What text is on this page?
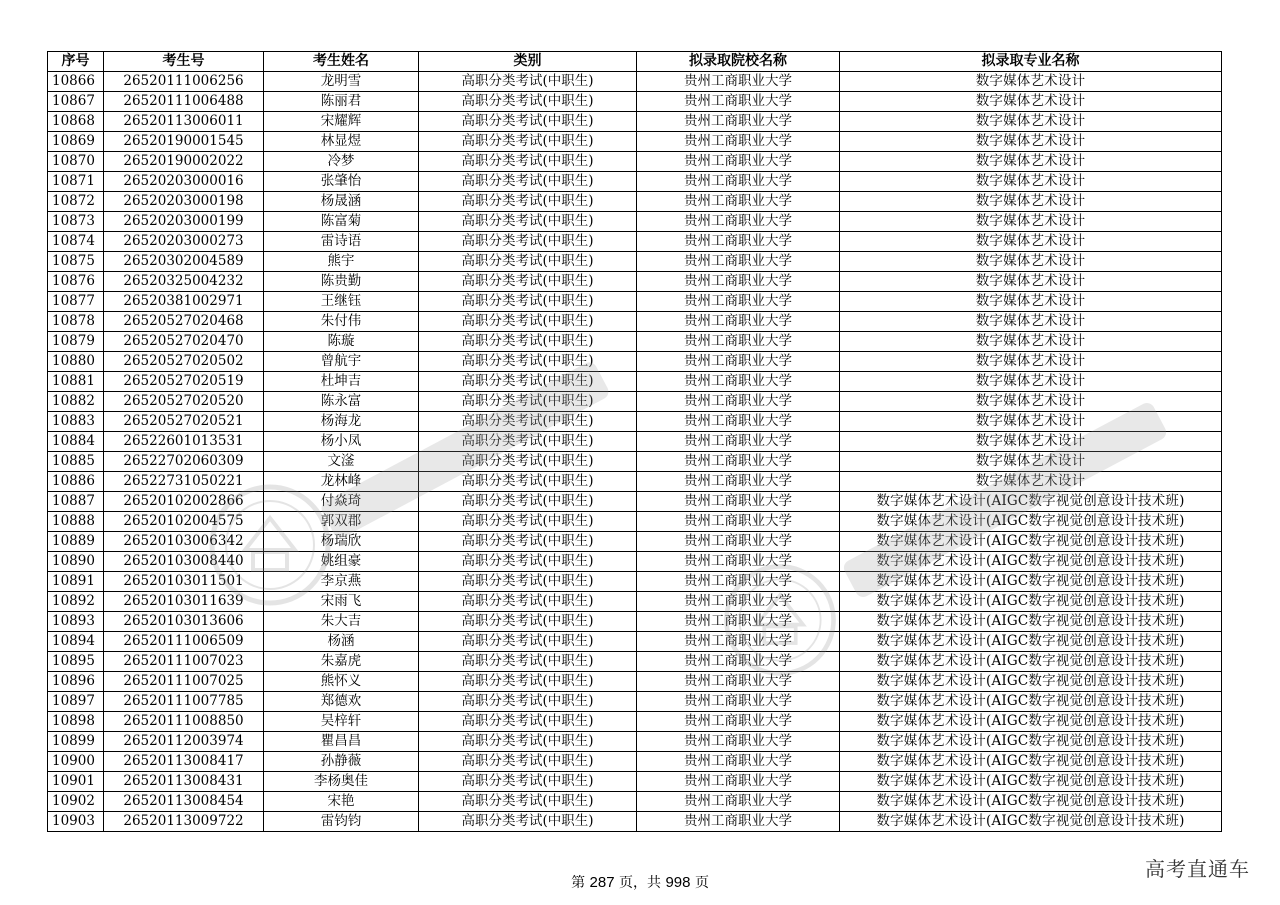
序号	考生号	考生姓名	类别	拟录取院校名称	拟录取专业名称
10866	26520111006256	龙明雪	高职分类考试(中职生)	贵州工商职业大学	数字媒体艺术设计
10867	26520111006488	陈丽君	高职分类考试(中职生)	贵州工商职业大学	数字媒体艺术设计
10868	26520113006011	宋耀辉	高职分类考试(中职生)	贵州工商职业大学	数字媒体艺术设计
10869	26520190001545	林显煜	高职分类考试(中职生)	贵州工商职业大学	数字媒体艺术设计
10870	26520190002022	冷梦	高职分类考试(中职生)	贵州工商职业大学	数字媒体艺术设计
10871	26520203000016	张肇怡	高职分类考试(中职生)	贵州工商职业大学	数字媒体艺术设计
10872	26520203000198	杨晟涵	高职分类考试(中职生)	贵州工商职业大学	数字媒体艺术设计
10873	26520203000199	陈富菊	高职分类考试(中职生)	贵州工商职业大学	数字媒体艺术设计
10874	26520203000273	雷诗语	高职分类考试(中职生)	贵州工商职业大学	数字媒体艺术设计
10875	26520302004589	熊宇	高职分类考试(中职生)	贵州工商职业大学	数字媒体艺术设计
10876	26520325004232	陈贵勤	高职分类考试(中职生)	贵州工商职业大学	数字媒体艺术设计
10877	26520381002971	王继钰	高职分类考试(中职生)	贵州工商职业大学	数字媒体艺术设计
10878	26520527020468	朱付伟	高职分类考试(中职生)	贵州工商职业大学	数字媒体艺术设计
10879	26520527020470	陈璇	高职分类考试(中职生)	贵州工商职业大学	数字媒体艺术设计
10880	26520527020502	曾航宇	高职分类考试(中职生)	贵州工商职业大学	数字媒体艺术设计
10881	26520527020519	杜坤吉	高职分类考试(中职生)	贵州工商职业大学	数字媒体艺术设计
10882	26520527020520	陈永富	高职分类考试(中职生)	贵州工商职业大学	数字媒体艺术设计
10883	26520527020521	杨海龙	高职分类考试(中职生)	贵州工商职业大学	数字媒体艺术设计
10884	26522601013531	杨小凤	高职分类考试(中职生)	贵州工商职业大学	数字媒体艺术设计
10885	26522702060309	文滏	高职分类考试(中职生)	贵州工商职业大学	数字媒体艺术设计
10886	26522731050221	龙林峰	高职分类考试(中职生)	贵州工商职业大学	数字媒体艺术设计
10887	26520102002866	付焱琦	高职分类考试(中职生)	贵州工商职业大学	数字媒体艺术设计(AIGC数字视觉创意设计技术班)
10888	26520102004575	郭双郡	高职分类考试(中职生)	贵州工商职业大学	数字媒体艺术设计(AIGC数字视觉创意设计技术班)
10889	26520103006342	杨瑞欣	高职分类考试(中职生)	贵州工商职业大学	数字媒体艺术设计(AIGC数字视觉创意设计技术班)
10890	26520103008440	姚组豪	高职分类考试(中职生)	贵州工商职业大学	数字媒体艺术设计(AIGC数字视觉创意设计技术班)
10891	26520103011501	李京燕	高职分类考试(中职生)	贵州工商职业大学	数字媒体艺术设计(AIGC数字视觉创意设计技术班)
10892	26520103011639	宋雨飞	高职分类考试(中职生)	贵州工商职业大学	数字媒体艺术设计(AIGC数字视觉创意设计技术班)
10893	26520103013606	朱大吉	高职分类考试(中职生)	贵州工商职业大学	数字媒体艺术设计(AIGC数字视觉创意设计技术班)
10894	26520111006509	杨涵	高职分类考试(中职生)	贵州工商职业大学	数字媒体艺术设计(AIGC数字视觉创意设计技术班)
10895	26520111007023	朱嘉虎	高职分类考试(中职生)	贵州工商职业大学	数字媒体艺术设计(AIGC数字视觉创意设计技术班)
10896	26520111007025	熊怀义	高职分类考试(中职生)	贵州工商职业大学	数字媒体艺术设计(AIGC数字视觉创意设计技术班)
10897	26520111007785	郑德欢	高职分类考试(中职生)	贵州工商职业大学	数字媒体艺术设计(AIGC数字视觉创意设计技术班)
10898	26520111008850	吴梓轩	高职分类考试(中职生)	贵州工商职业大学	数字媒体艺术设计(AIGC数字视觉创意设计技术班)
10899	26520112003974	瞿昌昌	高职分类考试(中职生)	贵州工商职业大学	数字媒体艺术设计(AIGC数字视觉创意设计技术班)
10900	26520113008417	孙静薇	高职分类考试(中职生)	贵州工商职业大学	数字媒体艺术设计(AIGC数字视觉创意设计技术班)
10901	26520113008431	李杨奥佳	高职分类考试(中职生)	贵州工商职业大学	数字媒体艺术设计(AIGC数字视觉创意设计技术班)
10902	26520113008454	宋艳	高职分类考试(中职生)	贵州工商职业大学	数字媒体艺术设计(AIGC数字视觉创意设计技术班)
10903	26520113009722	雷钧钧	高职分类考试(中职生)	贵州工商职业大学	数字媒体艺术设计(AIGC数字视觉创意设计技术班)
第 287 页，共 998 页
高考直通车
